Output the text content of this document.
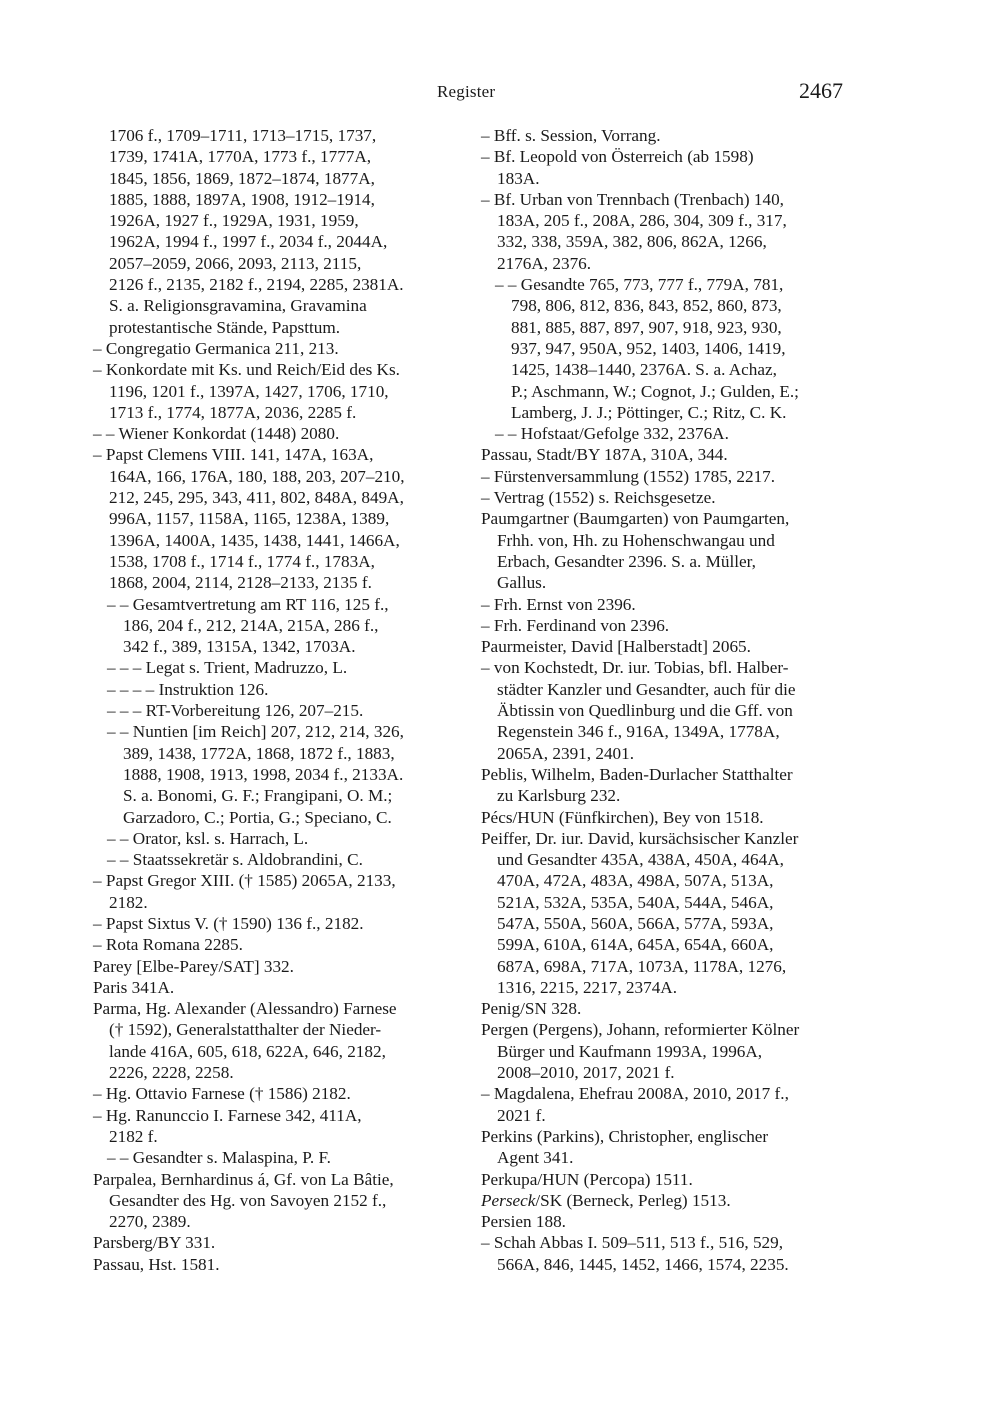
Register	2467
1706 f., 1709–1711, 1713–1715, 1737,
1739, 1741A, 1770A, 1773 f., 1777A,
1845, 1856, 1869, 1872–1874, 1877A,
1885, 1888, 1897A, 1908, 1912–1914,
1926A, 1927 f., 1929A, 1931, 1959,
1962A, 1994 f., 1997 f., 2034 f., 2044A,
2057–2059, 2066, 2093, 2113, 2115,
2126 f., 2135, 2182 f., 2194, 2285, 2381A.
S. a. Religionsgravamina, Gravamina
protestantische Stände, Papsttum.
– Congregatio Germanica 211, 213.
– Konkordate mit Ks. und Reich/Eid des Ks.
1196, 1201 f., 1397A, 1427, 1706, 1710,
1713 f., 1774, 1877A, 2036, 2285 f.
– – Wiener Konkordat (1448) 2080.
– Papst Clemens VIII. 141, 147A, 163A,
164A, 166, 176A, 180, 188, 203, 207–210,
212, 245, 295, 343, 411, 802, 848A, 849A,
996A, 1157, 1158A, 1165, 1238A, 1389,
1396A, 1400A, 1435, 1438, 1441, 1466A,
1538, 1708 f., 1714 f., 1774 f., 1783A,
1868, 2004, 2114, 2128–2133, 2135 f.
– – Gesamtvertretung am RT 116, 125 f.,
186, 204 f., 212, 214A, 215A, 286 f.,
342 f., 389, 1315A, 1342, 1703A.
– – – Legat s. Trient, Madruzzo, L.
– – – – Instruktion 126.
– – – RT-Vorbereitung 126, 207–215.
– – Nuntien [im Reich] 207, 212, 214, 326,
389, 1438, 1772A, 1868, 1872 f., 1883,
1888, 1908, 1913, 1998, 2034 f., 2133A.
S. a. Bonomi, G. F.; Frangipani, O. M.;
Garzadoro, C.; Portia, G.; Speciano, C.
– – Orator, ksl. s. Harrach, L.
– – Staatssekretär s. Aldobrandini, C.
– Papst Gregor XIII. († 1585) 2065A, 2133,
2182.
– Papst Sixtus V. († 1590) 136 f., 2182.
– Rota Romana 2285.
Parey [Elbe-Parey/SAT] 332.
Paris 341A.
Parma, Hg. Alexander (Alessandro) Farnese
(† 1592), Generalstatthalter der Nieder-
lande 416A, 605, 618, 622A, 646, 2182,
2226, 2228, 2258.
– Hg. Ottavio Farnese († 1586) 2182.
– Hg. Ranunccio I. Farnese 342, 411A,
2182 f.
– – Gesandter s. Malaspina, P. F.
Parpalea, Bernhardinus á, Gf. von La Bâtie,
Gesandter des Hg. von Savoyen 2152 f.,
2270, 2389.
Parsberg/BY 331.
Passau, Hst. 1581.
– Bff. s. Session, Vorrang.
– Bf. Leopold von Österreich (ab 1598)
183A.
– Bf. Urban von Trennbach (Trenbach) 140,
183A, 205 f., 208A, 286, 304, 309 f., 317,
332, 338, 359A, 382, 806, 862A, 1266,
2176A, 2376.
– – Gesandte 765, 773, 777 f., 779A, 781,
798, 806, 812, 836, 843, 852, 860, 873,
881, 885, 887, 897, 907, 918, 923, 930,
937, 947, 950A, 952, 1403, 1406, 1419,
1425, 1438–1440, 2376A. S. a. Achaz,
P.; Aschmann, W.; Cognot, J.; Gulden, E.;
Lamberg, J. J.; Pöttinger, C.; Ritz, C. K.
– – Hofstaat/Gefolge 332, 2376A.
Passau, Stadt/BY 187A, 310A, 344.
– Fürstenversammlung (1552) 1785, 2217.
– Vertrag (1552) s. Reichsgesetze.
Paumgartner (Baumgarten) von Paumgarten,
Frhh. von, Hh. zu Hohenschwangau und
Erbach, Gesandter 2396. S. a. Müller,
Gallus.
– Frh. Ernst von 2396.
– Frh. Ferdinand von 2396.
Paurmeister, David [Halberstadt] 2065.
– von Kochstedt, Dr. iur. Tobias, bfl. Halber-
städter Kanzler und Gesandter, auch für die
Äbtissin von Quedlinburg und die Gff. von
Regenstein 346 f., 916A, 1349A, 1778A,
2065A, 2391, 2401.
Peblis, Wilhelm, Baden-Durlacher Statthalter
zu Karlsburg 232.
Pécs/HUN (Fünfkirchen), Bey von 1518.
Peiffer, Dr. iur. David, kursächsischer Kanzler
und Gesandter 435A, 438A, 450A, 464A,
470A, 472A, 483A, 498A, 507A, 513A,
521A, 532A, 535A, 540A, 544A, 546A,
547A, 550A, 560A, 566A, 577A, 593A,
599A, 610A, 614A, 645A, 654A, 660A,
687A, 698A, 717A, 1073A, 1178A, 1276,
1316, 2215, 2217, 2374A.
Penig/SN 328.
Pergen (Pergens), Johann, reformierter Kölner
Bürger und Kaufmann 1993A, 1996A,
2008–2010, 2017, 2021 f.
– Magdalena, Ehefrau 2008A, 2010, 2017 f.,
2021 f.
Perkins (Parkins), Christopher, englischer
Agent 341.
Perkupa/HUN (Percopa) 1511.
Perseck/SK (Berneck, Perleg) 1513.
Persien 188.
– Schah Abbas I. 509–511, 513 f., 516, 529,
566A, 846, 1445, 1452, 1466, 1574, 2235.
